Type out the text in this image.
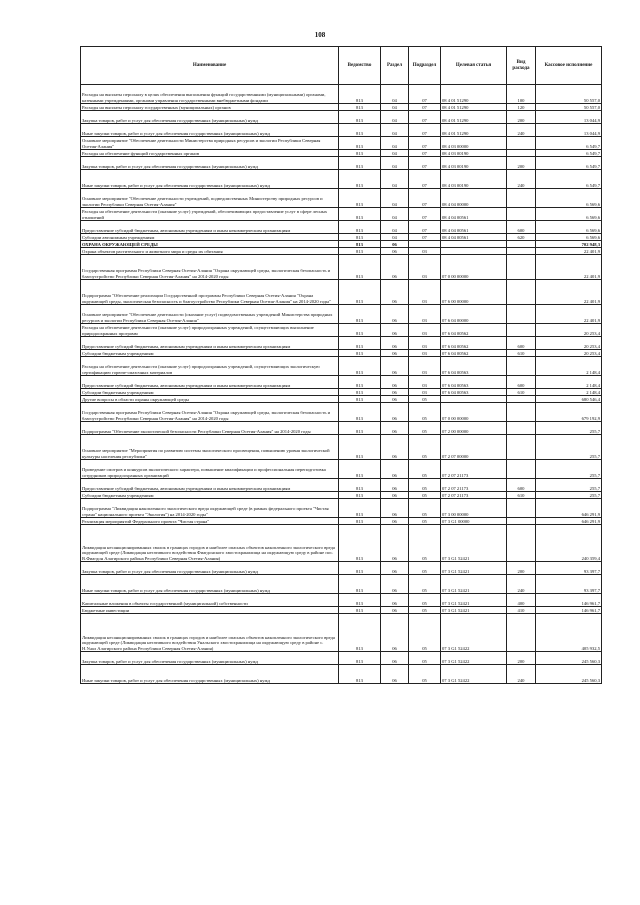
108
Наименование	Ведомство	Раздел	Подраздел	Целевая статья	Вид расхода	Кассовое исполнение
Расходы на выплаты персоналу в целях обеспечения выполнения функций государственными (муниципальными) органами, казенными учреждениями, органами управления государственными внебюджетными фондами	813	04	07	08 4 01 51290	100	50 557,0
Расходы на выплаты персоналу государственных (муниципальных) органов	813	04	07	08 4 01 51290	120	50 557,0
Закупка товаров, работ и услуг для обеспечения государственных (муниципальных) нужд	813	04	07	08 4 01 51290	200	13 044,9
Иные закупки товаров, работ и услуг для обеспечения государственных (муниципальных) нужд	813	04	07	08 4 01 51290	240	13 044,9
Основное мероприятие "Обеспечение деятельности Министерства природных ресурсов и экологии Республики Северная Осетия-Алания"	813	04	07	08 4 03 00000		6 549,7
Расходы на обеспечение функций государственных органов	813	04	07	08 4 03 00190		6 549,7
Закупка товаров, работ и услуг для обеспечения государственных (муниципальных) нужд	813	04	07	08 4 03 00190	200	6 549,7
Иные закупки товаров, работ и услуг для обеспечения государственных (муниципальных) нужд	813	04	07	08 4 03 00190	240	6 549,7
Основное мероприятие "Обеспечение деятельности учреждений, подведомственных Министерству природных ресурсов и экологии Республики Северная Осетия-Алания"	813	04	07	08 4 04 00000		6 569,6
Расходы на обеспечение деятельности (оказание услуг) учреждений, обеспечивающих предоставление услуг в сфере лесных отношений	813	04	07	08 4 04 00561		6 569,6
Предоставление субсидий бюджетным, автономным учреждениям и иным некоммерческим организациям	813	04	07	08 4 04 00561	600	6 569,6
Субсидии автономным учреждениям	813	04	07	08 4 04 00561	620	6 569,6
ОХРАНА ОКРУЖАЮЩЕЙ СРЕДЫ	813	06				702 948,3
Охрана объектов растительного и животного мира и среды их обитания	813	06	03			22 401,9
Государственная программа Республики Северная Осетия-Алания "Охрана окружающей среды, экологическая безопасность и благоустройство Республики Северная Осетия-Алания" на 2014-2020 годы	813	06	03	07 0 00 00000		22 401,9
Подпрограмма "Обеспечение реализации Государственной программы Республики Северная Осетия-Алания "Охрана окружающей среды, экологическая безопасность и благоустройство Республики Северная Осетия-Алания" на 2014-2020 годы"	813	06	03	07 6 00 00000		22 401,9
Основное мероприятие "Обеспечение деятельности (оказание услуг) подведомственных учреждений Министерства природных ресурсов и экологии Республики Северная Осетия-Алания"	813	06	03	07 6 04 00000		22 401,9
Расходы на обеспечение деятельности (оказание услуг) природоохранных учреждений, осуществляющих выполнение природоохранных программ	813	06	03	07 6 04 00562		20 253,4
Предоставление субсидий бюджетным, автономным учреждениям и иным некоммерческим организациям	813	06	03	07 6 04 00562	600	20 253,4
Субсидии бюджетным учреждениям	813	06	03	07 6 04 00562	610	20 253,4
Расходы на обеспечение деятельности (оказание услуг) природоохранных учреждений, осуществляющих экологическую сертификацию горюче-смазочных материалов	813	06	03	07 6 04 00563		2 148,4
Предоставление субсидий бюджетным, автономным учреждениям и иным некоммерческим организациям	813	06	03	07 6 04 00563	600	2 148,4
Субсидии бюджетным учреждениям	813	06	03	07 6 04 00563	610	2 148,4
Другие вопросы в области охраны окружающей среды	813	06	05			680 546,4
Государственная программа Республики Северная Осетия-Алания "Охрана окружающей среды, экологическая безопасность и благоустройство Республики Северная Осетия-Алания" на 2014-2020 годы	813	06	05	07 0 00 00000		679 192,9
Подпрограмма "Обеспечение экологической безопасности Республики Северная Осетия-Алания" на 2014-2020 годы	813	06	05	07 2 00 00000		255,7
Основное мероприятие "Мероприятия по развитию системы экологического просвещения, повышению уровня экологической культуры населения республики"	813	06	05	07 2 07 00000		255,7
Проведение смотров и конкурсов экологического характера, повышение квалификации и профессиональная переподготовка сотрудников природоохранных организаций	813	06	05	07 2 07 21173		255,7
Предоставление субсидий бюджетным, автономным учреждениям и иным некоммерческим организациям	813	06	05	07 2 07 21173	600	255,7
Субсидии бюджетным учреждениям	813	06	05	07 2 07 21173	610	255,7
Подпрограмма "Ликвидация накопленного экологического вреда окружающей среде (в рамках федерального проекта "Чистая страна" национального проекта "Экология") на 2014-2020 годы"	813	06	05	07 3 00 00000		646 291,9
Реализация мероприятий Федерального проекта "Чистая страна"	813	06	05	07 3 G1 00000		646 291,9
Ликвидация несанкционированных свалок в границах городов и наиболее опасных объектов накопленного экологического вреда окружающей среде (Ликвидация негативного воздействия Фиагдонского хвостохранилища на окружающую среду в районе пос. В.Фиагдон Алагирского района Республики Северная Осетия-Алания)	813	06	05	07 3 G1 52421		240 359,4
Закупка товаров, работ и услуг для обеспечения государственных (муниципальных) нужд	813	06	05	07 3 G1 52421	200	93 397,7
Иные закупки товаров, работ и услуг для обеспечения государственных (муниципальных) нужд	813	06	05	07 3 G1 52421	240	93 397,7
Капитальные вложения в объекты государственной (муниципальной) собственности	813	06	05	07 3 G1 52421	400	146 961,7
Бюджетные инвестиции	813	06	05	07 3 G1 52421	410	146 961,7
Ликвидация несанкционированных свалок в границах городов и наиболее опасных объектов накопленного экологического вреда окружающей среде (Ликвидация негативного воздействия Унальского хвостохранилища на окружающую среду в районе с. Н.Унал Алагирского района Республики Северная Осетия-Алания)	813	06	05	07 3 G1 52422		405 932,5
Закупка товаров, работ и услуг для обеспечения государственных (муниципальных) нужд	813	06	05	07 3 G1 52422	200	245 560,3
Иные закупки товаров, работ и услуг для обеспечения государственных (муниципальных) нужд	813	06	05	07 3 G1 52422	240	245 560,3
